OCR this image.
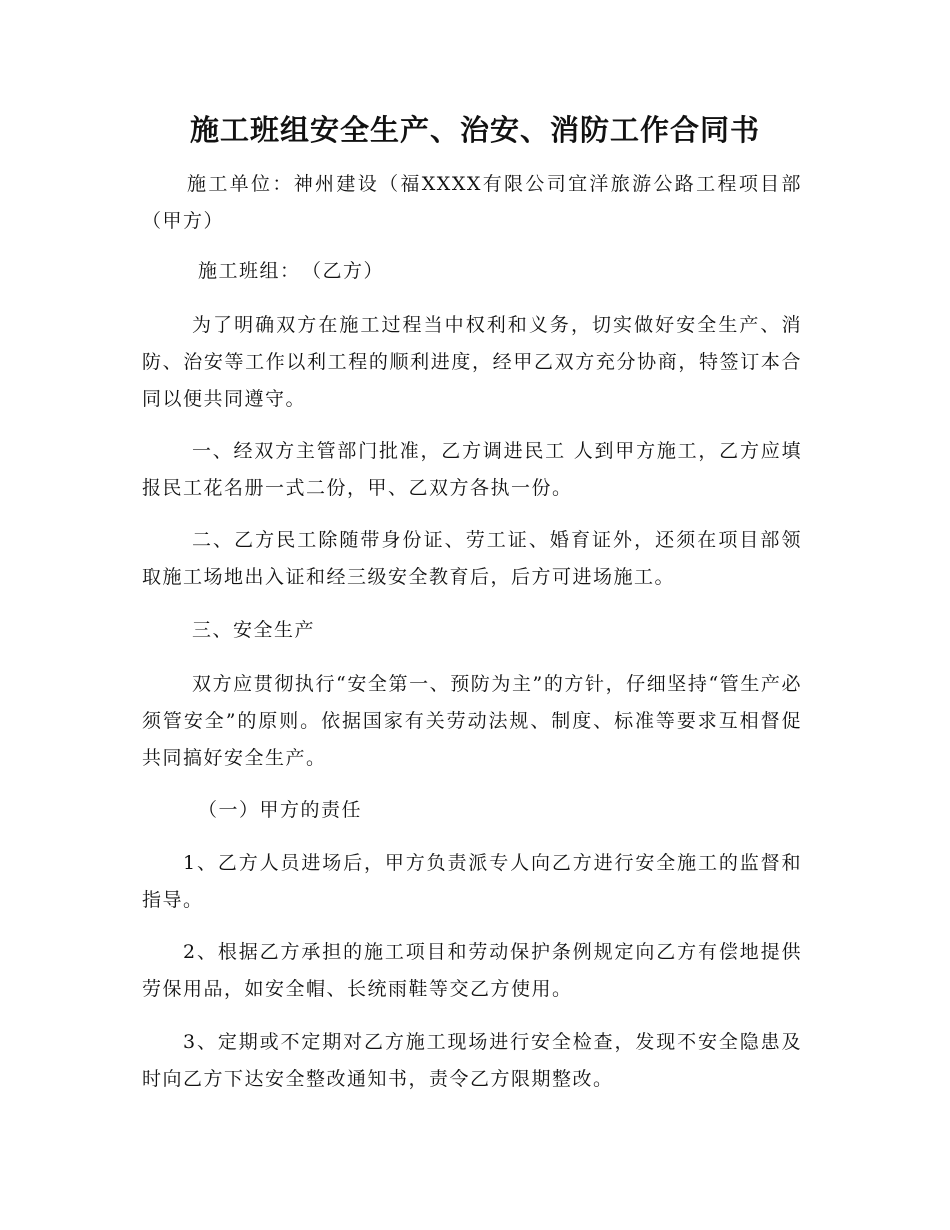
施工班组安全生产、治安、消防工作合同书

施工单位：神州建设（福XXXX有限公司宜洋旅游公路工程项目部（甲方）

施工班组：　（乙方）

为了明确双方在施工过程当中权利和义务，切实做好安全生产、消防、治安等工作以利工程的顺利进度，经甲乙双方充分协商，特签订本合同以便共同遵守。

一、经双方主管部门批准，乙方调进民工 人到甲方施工，乙方应填报民工花名册一式二份，甲、乙双方各执一份。

二、乙方民工除随带身份证、劳工证、婚育证外，还须在项目部领取施工场地出入证和经三级安全教育后，后方可进场施工。

三、安全生产

双方应贯彻执行“安全第一、预防为主”的方针，仔细坚持“管生产必须管安全”的原则。依据国家有关劳动法规、制度、标准等要求互相督促共同搞好安全生产。

（一）甲方的责任

1、乙方人员进场后，甲方负责派专人向乙方进行安全施工的监督和指导。

2、根据乙方承担的施工项目和劳动保护条例规定向乙方有偿地提供劳保用品，如安全帽、长统雨鞋等交乙方使用。

3、定期或不定期对乙方施工现场进行安全检查，发现不安全隐患及时向乙方下达安全整改通知书，责令乙方限期整改。
